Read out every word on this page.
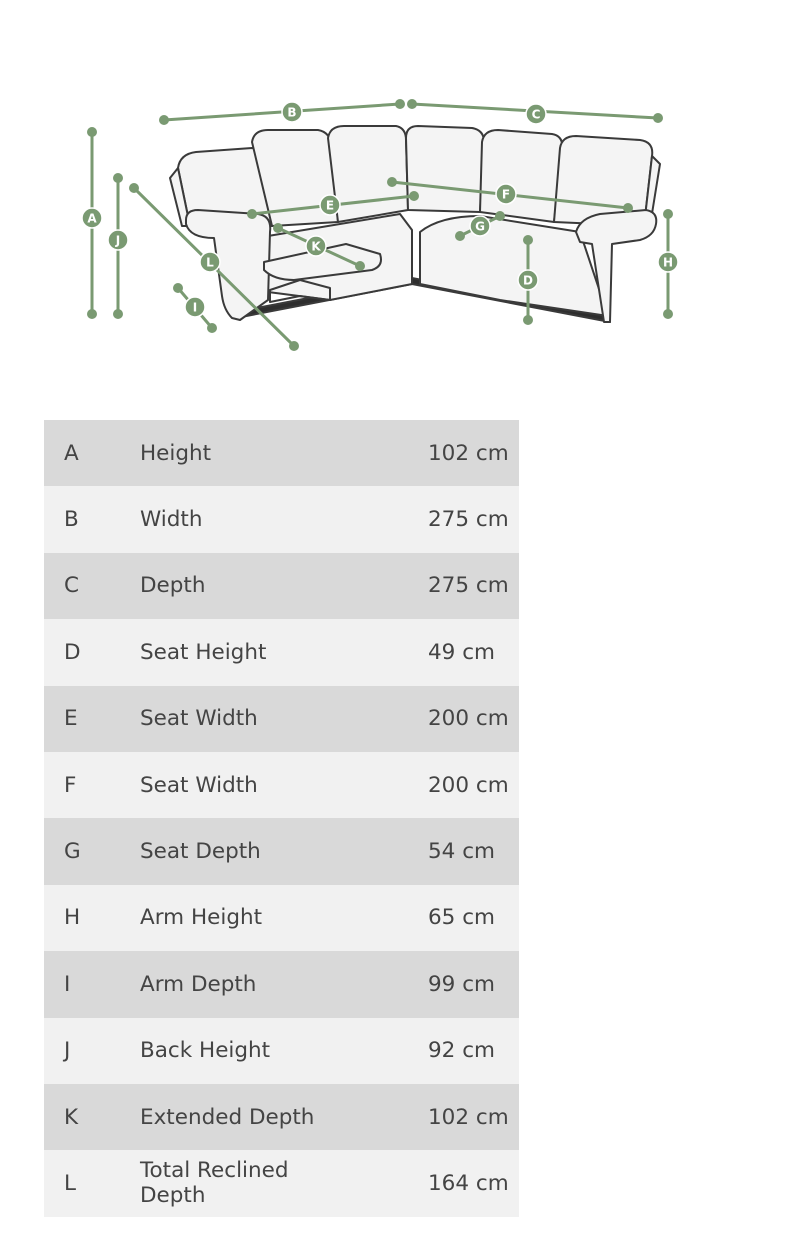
A
B	C
D
E
F
G
H
I
J	K
L
A	Height	102 cm
B	Width	275 cm
C	Depth	275 cm
D	Seat Height	49 cm
E	Seat Width	200 cm
F	Seat Width	200 cm
G	Seat Depth	54 cm
H	Arm Height	65 cm
I	Arm Depth	99 cm
J	Back Height	92 cm
K	Extended Depth	102 cm
L	Total Reclined Depth	164 cm
